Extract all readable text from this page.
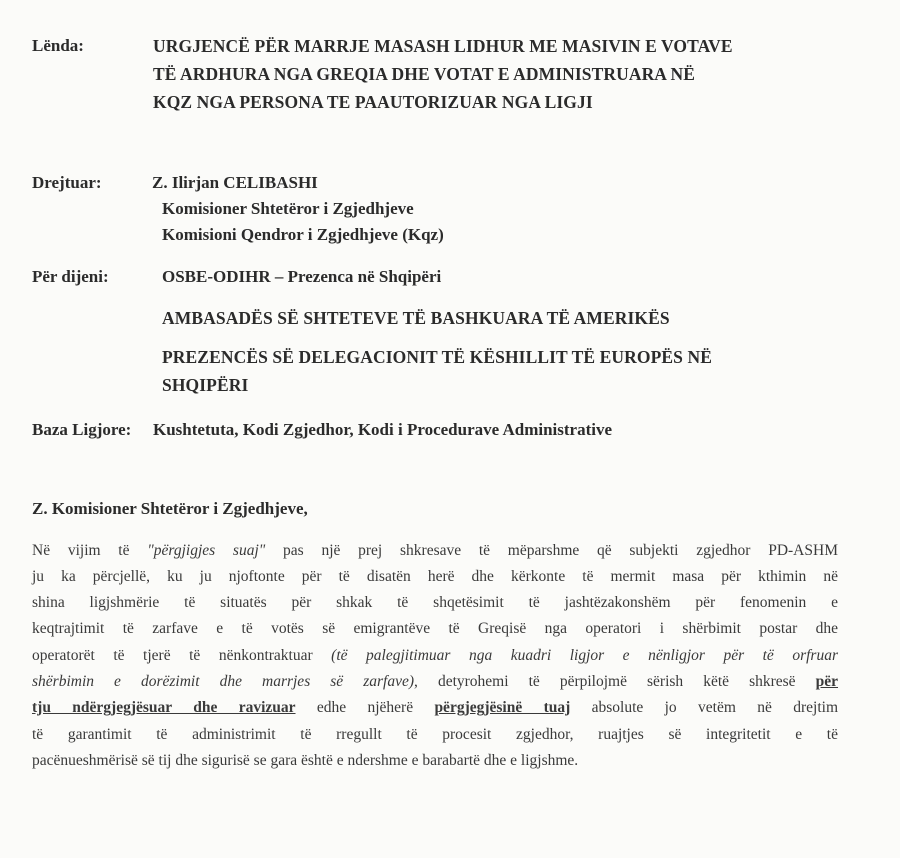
Lënda:	URGJENCË PËR MARRJE MASASH LIDHUR ME MASIVIN E VOTAVE
TË ARDHURA NGA GREQIA DHE VOTAT E ADMINISTRUARA NË
KQZ NGA PERSONA TE PAAUTORIZUAR NGA LIGJI
Drejtuar:	Z. Ilirjan CELIBASHI
Komisioner Shtetëror i Zgjedhjeve
Komisioni Qendror i Zgjedhjeve (Kqz)
Për dijeni:	OSBE-ODIHR – Prezenca në Shqipëri
AMBASADËS SË SHTETEVE TË BASHKUARA TË AMERIKËS
PREZENCËS SË DELEGACIONIT TË KËSHILLIT TË EUROPËS NË
SHQIPËRI
Baza Ligjore: Kushtetuta, Kodi Zgjedhor, Kodi i Procedurave Administrative
Z. Komisioner Shtetëror i Zgjedhjeve,
Në vijim të "përgjigjes suaj" pas një prej shkresave të mëparshme që subjekti zgjedhor PD-ASHM
ju ka përcjellë, ku ju njoftonte për të disatën herë dhe kërkonte të mermit masa për kthimin në
shina ligjshmërie të situatës për shkak të shqetësimit të jashtëzakonshëm për fenomenin e
keqtrajtimit të zarfave e të votës së emigrantëve të Greqisë nga operatori i shërbimit postar dhe
operatorët të tjerë të nënkontraktuar (të palegjitimuar nga kuadri ligjor e nënligjor për të orfruar
shërbimin e dorëzimit dhe marrjes së zarfave), detyrohemi të përpilojmë sërish këtë shkresë për
tju ndërgjegjësuar dhe ravizuar edhe njëherë përgjegjësinë tuaj absolute jo vetëm në drejtim
të garantimit të administrimit të rregullt të procesit zgjedhor, ruajtjes së integritetit e të
pacënueshmërisë së tij dhe sigurisë se gara është e ndershme e barabartë dhe e ligjshme.
